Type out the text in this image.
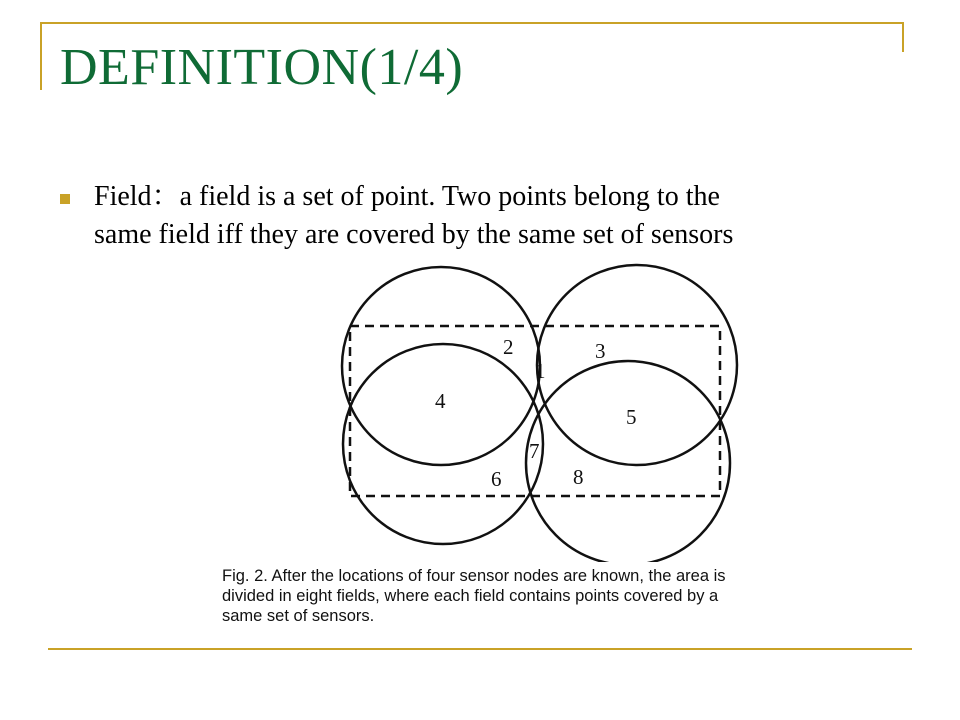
DEFINITION(1/4)

Field：a field is a set of point. Two points belong to the
same field iff they are covered by the same set of sensors

1
2	3
4
5
6
7
8

Fig. 2. After the locations of four sensor nodes are known, the area is

divided in eight fields, where each field contains points covered by a

same set of sensors.
